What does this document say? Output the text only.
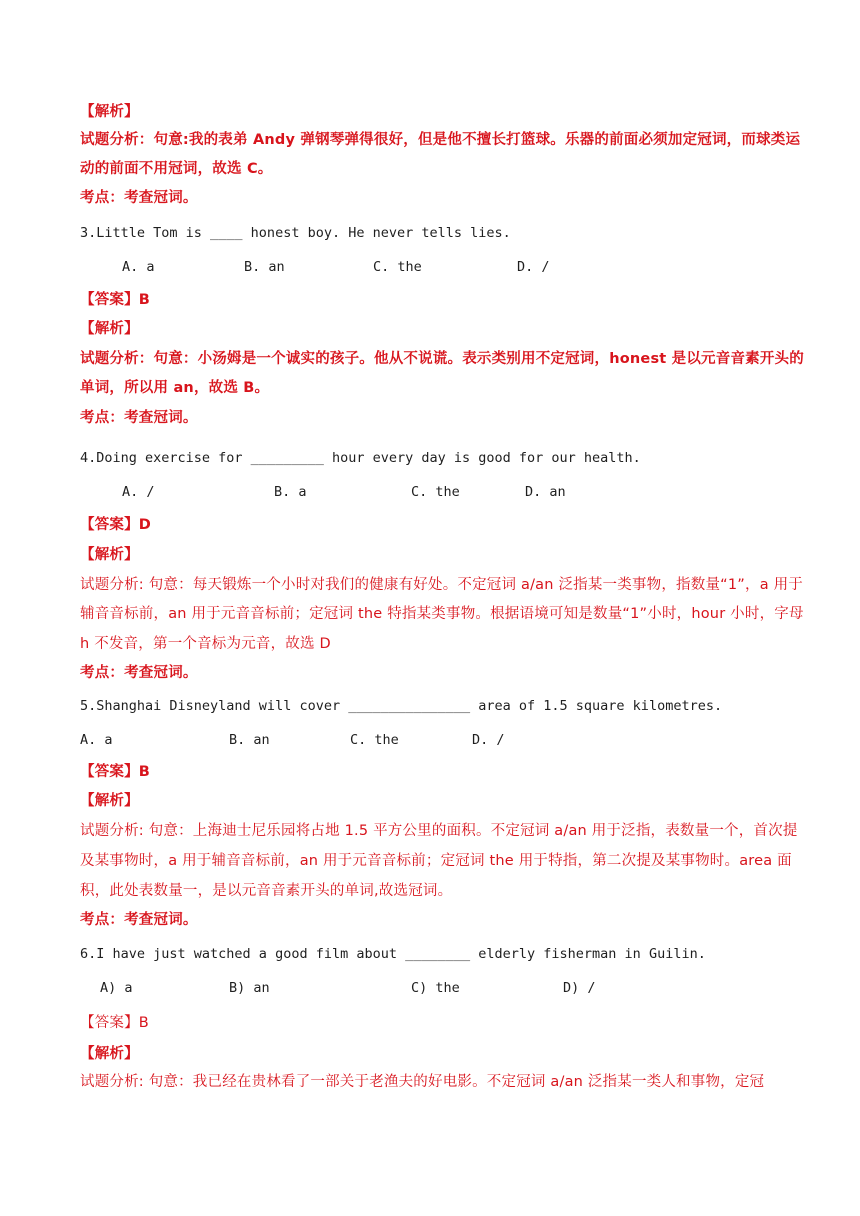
【解析】
试题分析：句意:我的表弟 Andy 弹钢琴弹得很好，但是他不擅长打篮球。乐器的前面必须加定冠词，而球类运
动的前面不用冠词，故选 C。
考点：考查冠词。
3.Little Tom is ____ honest boy. He never tells lies.
A. a	B. an	C. the	D. /
【答案】B
【解析】
试题分析：句意：小汤姆是一个诚实的孩子。他从不说谎。表示类别用不定冠词，honest 是以元音音素开头的
单词，所以用 an，故选 B。
考点：考查冠词。
4.Doing exercise for _________ hour every day is good for our health.
A. /	B. a	C. the	D. an
【答案】D
【解析】
试题分析: 句意：每天锻炼一个小时对我们的健康有好处。不定冠词 a/an 泛指某一类事物，指数量“1”，a 用于
辅音音标前，an 用于元音音标前；定冠词 the 特指某类事物。根据语境可知是数量“1”小时，hour 小时，字母
h 不发音，第一个音标为元音，故选 D
考点：考查冠词。
5.Shanghai Disneyland will cover _______________ area of 1.5 square kilometres.
A. a	B. an	C. the	D. /
【答案】B
【解析】
试题分析: 句意：上海迪士尼乐园将占地 1.5 平方公里的面积。不定冠词 a/an 用于泛指，表数量一个，首次提
及某事物时，a 用于辅音音标前，an 用于元音音标前；定冠词 the 用于特指，第二次提及某事物时。area 面
积，此处表数量一，是以元音音素开头的单词,故选冠词。
考点：考查冠词。
6.I have just watched a good film about ________ elderly fisherman in Guilin.
A) a	B) an	C) the	D) /
【答案】B
【解析】
试题分析: 句意：我已经在贵林看了一部关于老渔夫的好电影。不定冠词 a/an 泛指某一类人和事物，定冠
